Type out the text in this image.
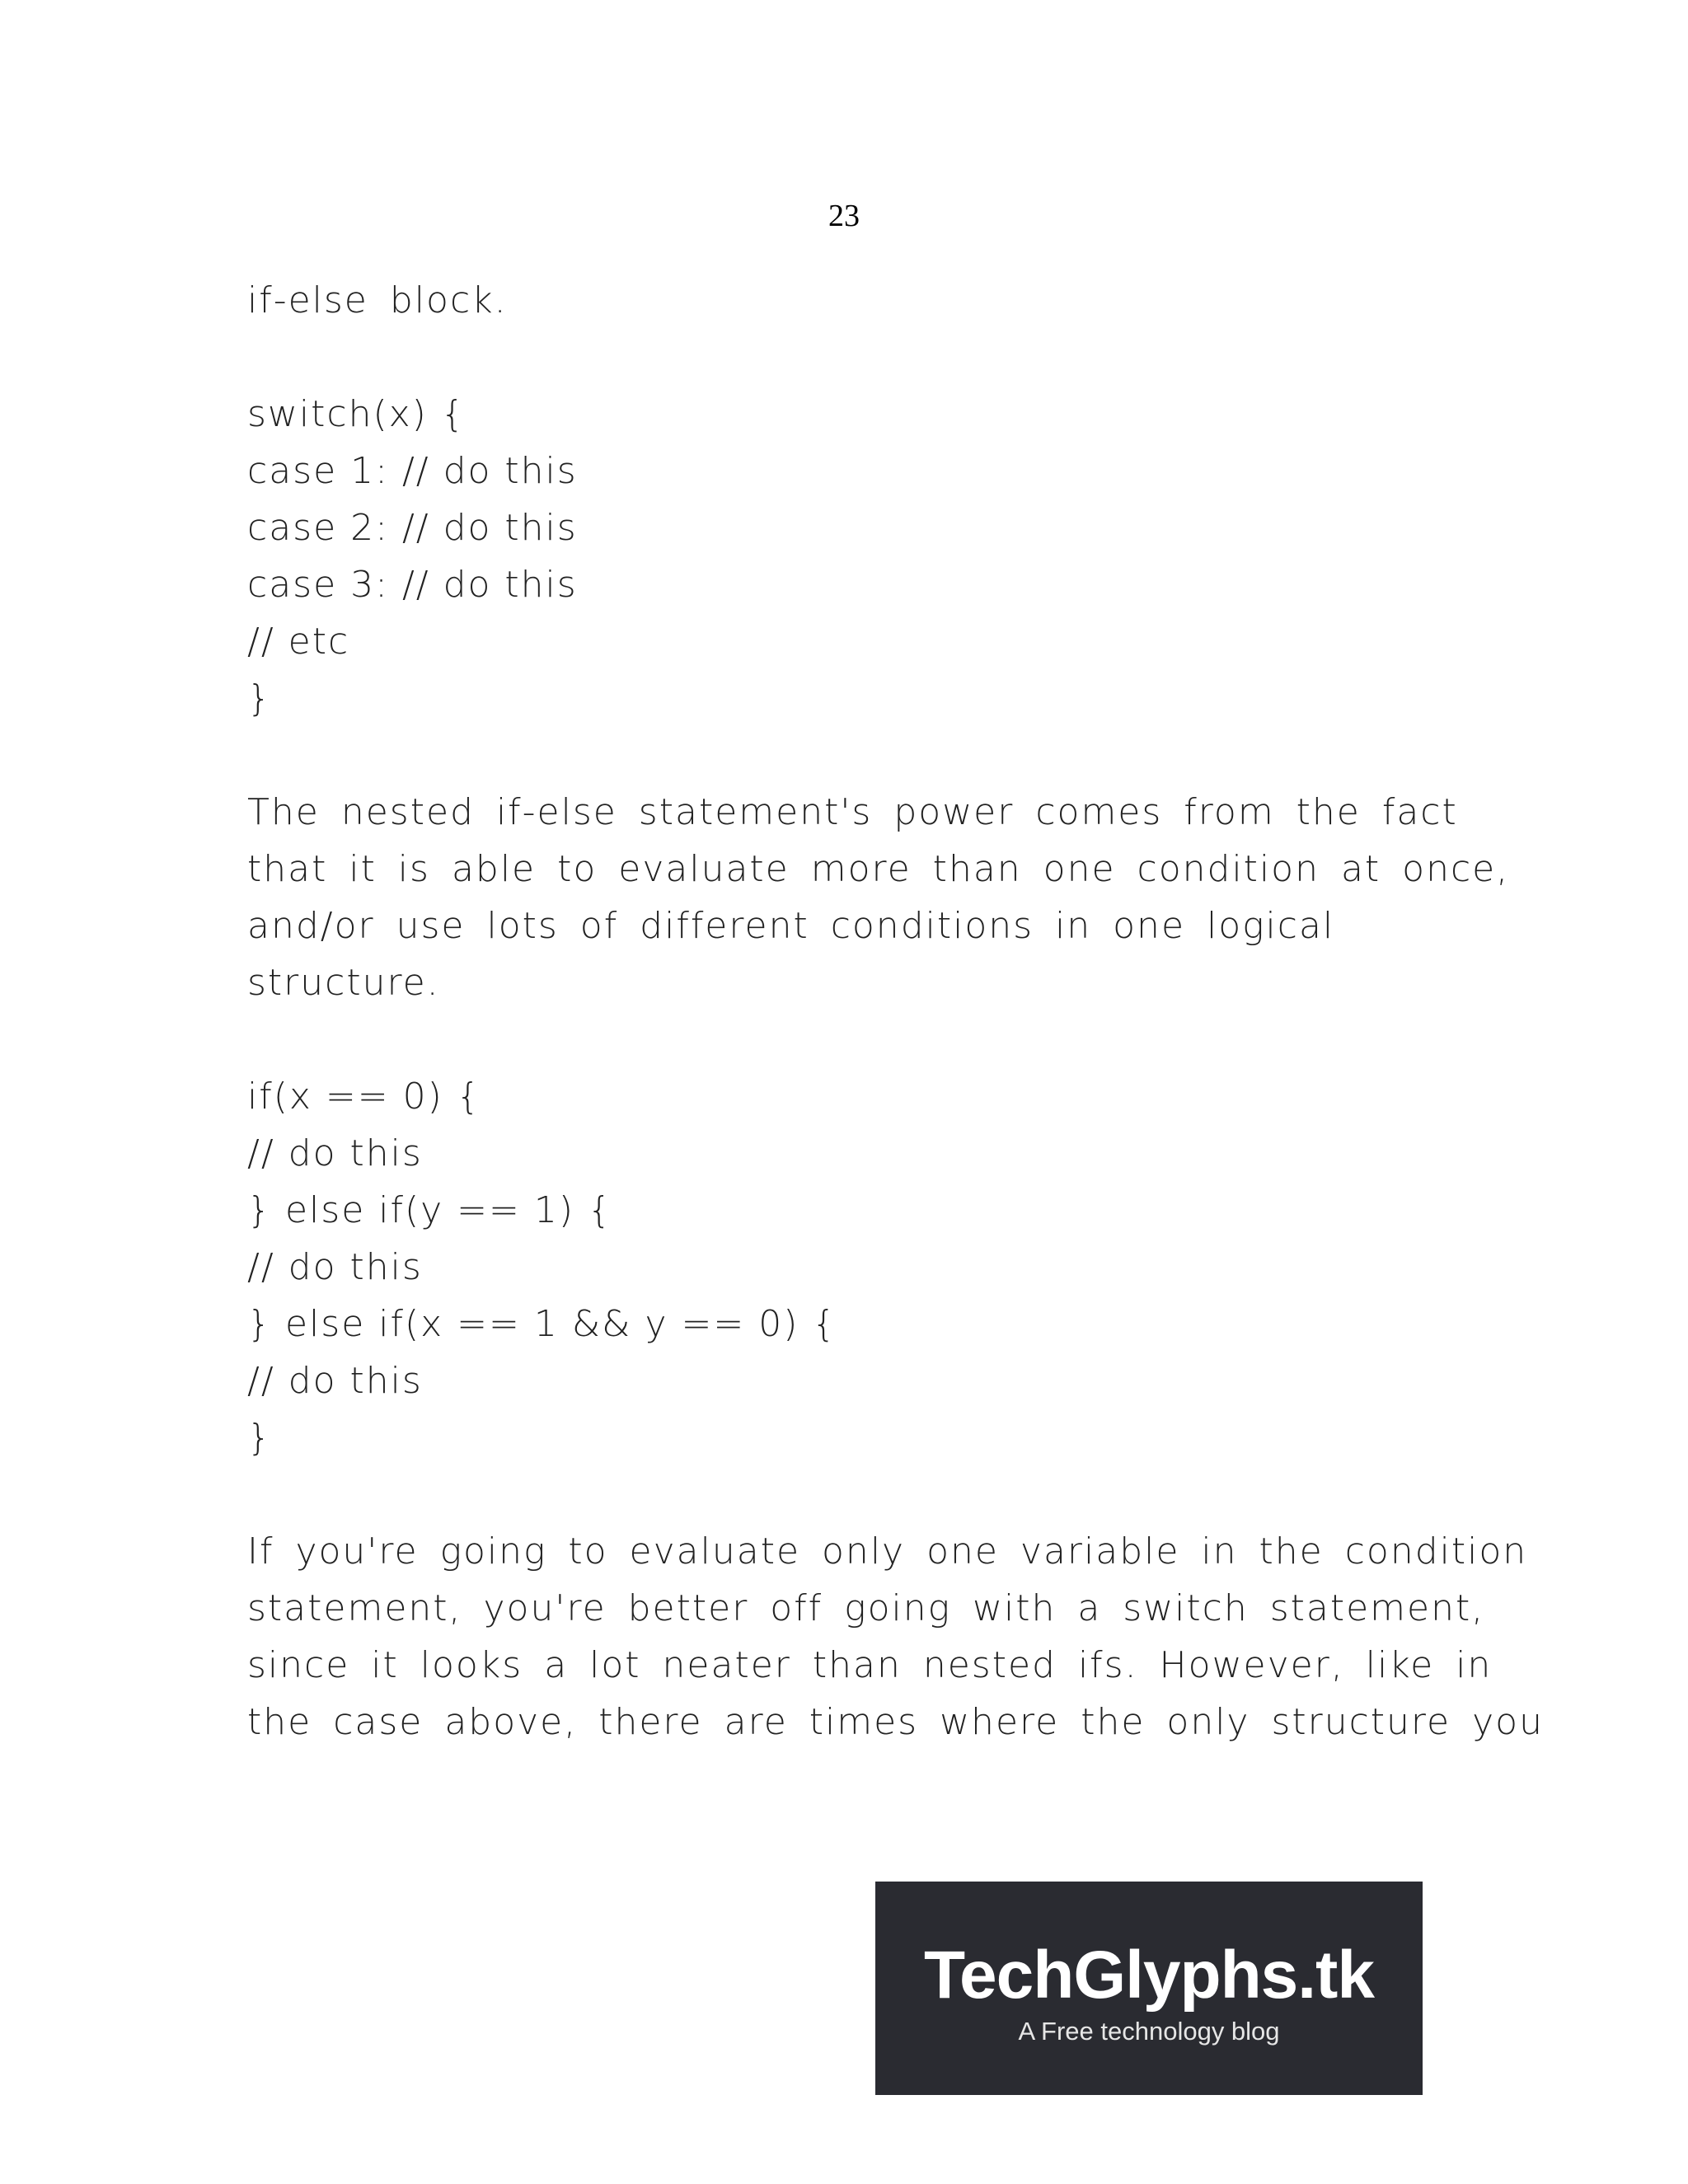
23
if-else block.
switch(x) {
case 1: // do this
case 2: // do this
case 3: // do this
// etc
}
The nested if-else statement's power comes from the fact
that it is able to evaluate more than one condition at once,
and/or use lots of different conditions in one logical
structure.
if(x == 0) {
// do this
} else if(y == 1) {
// do this
} else if(x == 1 && y == 0) {
// do this
}
If you're going to evaluate only one variable in the condition
statement, you're better off going with a switch statement,
since it looks a lot neater than nested ifs. However, like in
the case above, there are times where the only structure you
TechGlyphs.tk
A Free technology blog
